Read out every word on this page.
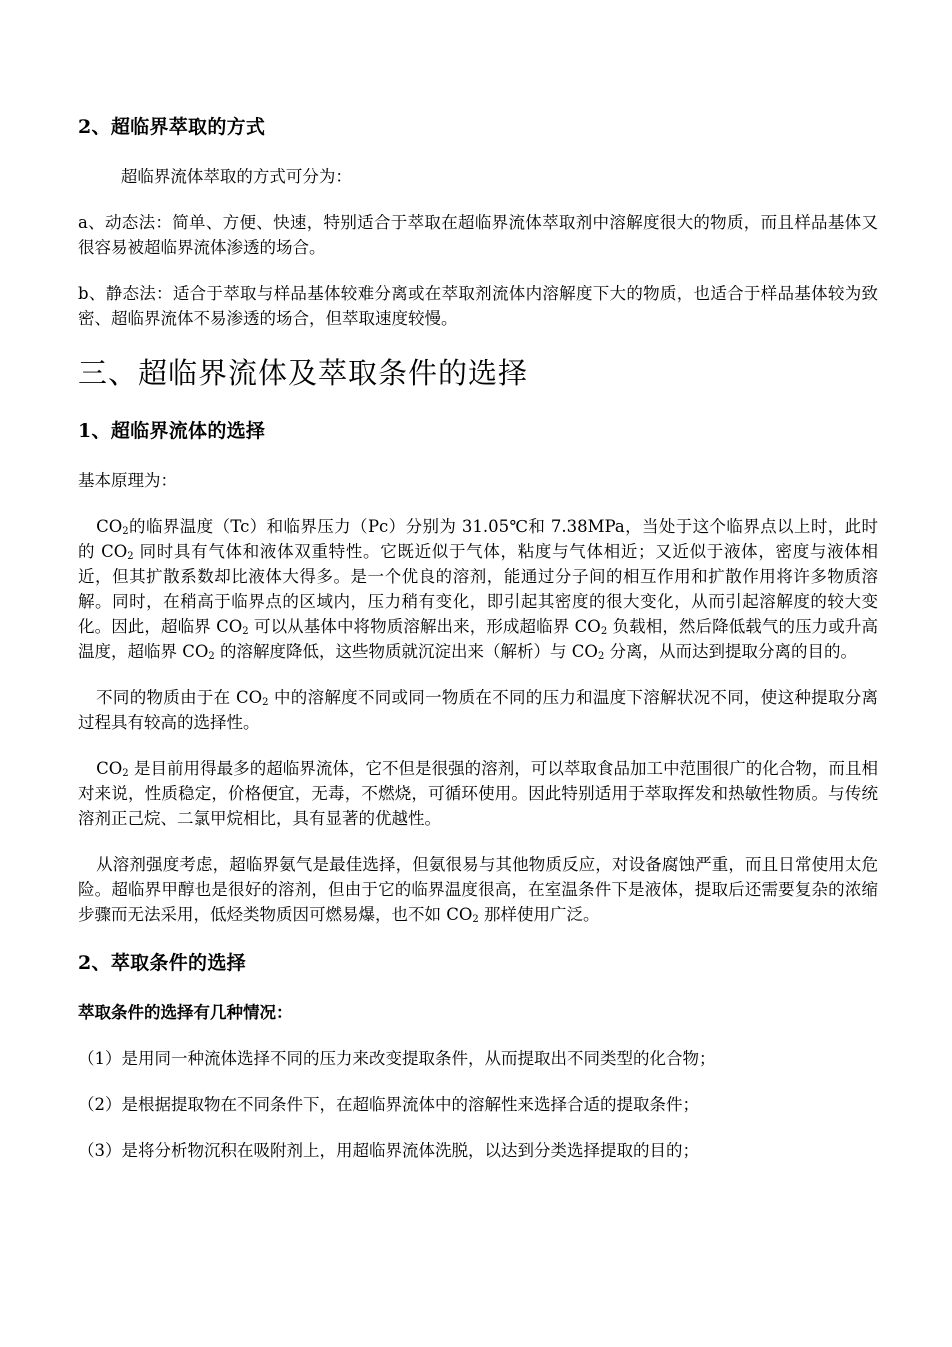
2、超临界萃取的方式

超临界流体萃取的方式可分为：

a、动态法：简单、方便、快速，特别适合于萃取在超临界流体萃取剂中溶解度很大的物质，而且样品基体又很容易被超临界流体渗透的场合。

b、静态法：适合于萃取与样品基体较难分离或在萃取剂流体内溶解度下大的物质，也适合于样品基体较为致密、超临界流体不易渗透的场合，但萃取速度较慢。

三、超临界流体及萃取条件的选择
1、超临界流体的选择

基本原理为：

$CO_2$的临界温度（Tc）和临界压力（Pc）分别为 31.05℃和 7.38MPa，当处于这个临界点以上时，此时的 $CO_2$ 同时具有气体和液体双重特性。它既近似于气体，粘度与气体相近；又近似于液体，密度与液体相近，但其扩散系数却比液体大得多。是一个优良的溶剂，能通过分子间的相互作用和扩散作用将许多物质溶解。同时，在稍高于临界点的区域内，压力稍有变化，即引起其密度的很大变化，从而引起溶解度的较大变化。因此，超临界 $CO_2$ 可以从基体中将物质溶解出来，形成超临界 $CO_2$ 负载相，然后降低载气的压力或升高温度，超临界 $CO_2$ 的溶解度降低，这些物质就沉淀出来（解析）与 $CO_2$ 分离，从而达到提取分离的目的。

不同的物质由于在 $CO_2$ 中的溶解度不同或同一物质在不同的压力和温度下溶解状况不同，使这种提取分离过程具有较高的选择性。

$CO_2$ 是目前用得最多的超临界流体，它不但是很强的溶剂，可以萃取食品加工中范围很广的化合物，而且相对来说，性质稳定，价格便宜，无毒，不燃烧，可循环使用。因此特别适用于萃取挥发和热敏性物质。与传统溶剂正己烷、二氯甲烷相比，具有显著的优越性。

从溶剂强度考虑，超临界氨气是最佳选择，但氨很易与其他物质反应，对设备腐蚀严重，而且日常使用太危险。超临界甲醇也是很好的溶剂，但由于它的临界温度很高，在室温条件下是液体，提取后还需要复杂的浓缩步骤而无法采用，低烃类物质因可燃易爆，也不如 $CO_2$ 那样使用广泛。

2、萃取条件的选择

萃取条件的选择有几种情况：

（1）是用同一种流体选择不同的压力来改变提取条件，从而提取出不同类型的化合物；

（2）是根据提取物在不同条件下，在超临界流体中的溶解性来选择合适的提取条件；

（3）是将分析物沉积在吸附剂上，用超临界流体洗脱，以达到分类选择提取的目的；
